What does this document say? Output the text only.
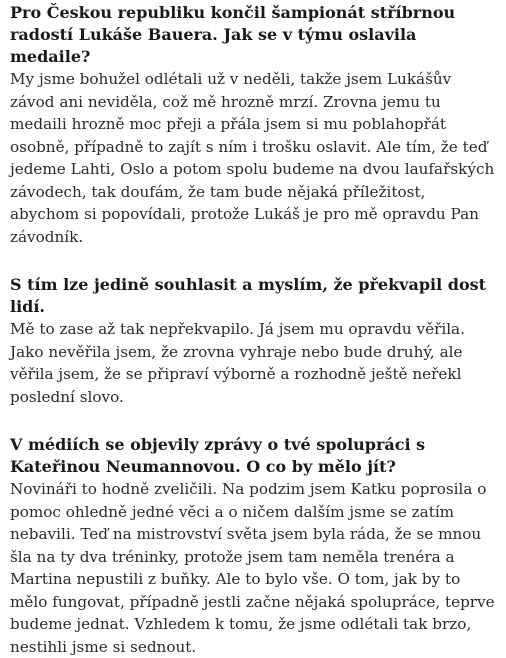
Pro Českou republiku končil šampionát stříbrnou radostí Lukáše Bauera. Jak se v týmu oslavila medaile?

My jsme bohužel odlétali už v neděli, takže jsem Lukášův závod ani neviděla, což mě hrozně mrzí. Zrovna jemu tu medaili hrozně moc přeji a přála jsem si mu poblahopřát osobně, případně to zajít s ním i trošku oslavit. Ale tím, že teď jedeme Lahti, Oslo a potom spolu budeme na dvou laufařských závodech, tak doufám, že tam bude nějaká příležitost, abychom si popovídali, protože Lukáš je pro mě opravdu Pan závodník.

S tím lze jedině souhlasit a myslím, že překvapil dost lidí.

Mě to zase až tak nepřekvapilo. Já jsem mu opravdu věřila. Jako nevěřila jsem, že zrovna vyhraje nebo bude druhý, ale věřila jsem, že se připraví výborně a rozhodně ještě neřekl poslední slovo.

V médiích se objevily zprávy o tvé spolupráci s Kateřinou Neumannovou. O co by mělo jít?

Novináři to hodně zveličili. Na podzim jsem Katku poprosila o pomoc ohledně jedné věci a o ničem dalším jsme se zatím nebavili. Teď na mistrovství světa jsem byla ráda, že se mnou šla na ty dva tréninky, protože jsem tam neměla trenéra a Martina nepustili z buňky. Ale to bylo vše. O tom, jak by to mělo fungovat, případně jestli začne nějaká spolupráce, teprve budeme jednat. Vzhledem k tomu, že jsme odlétali tak brzo, nestihli jsme si sednout.
